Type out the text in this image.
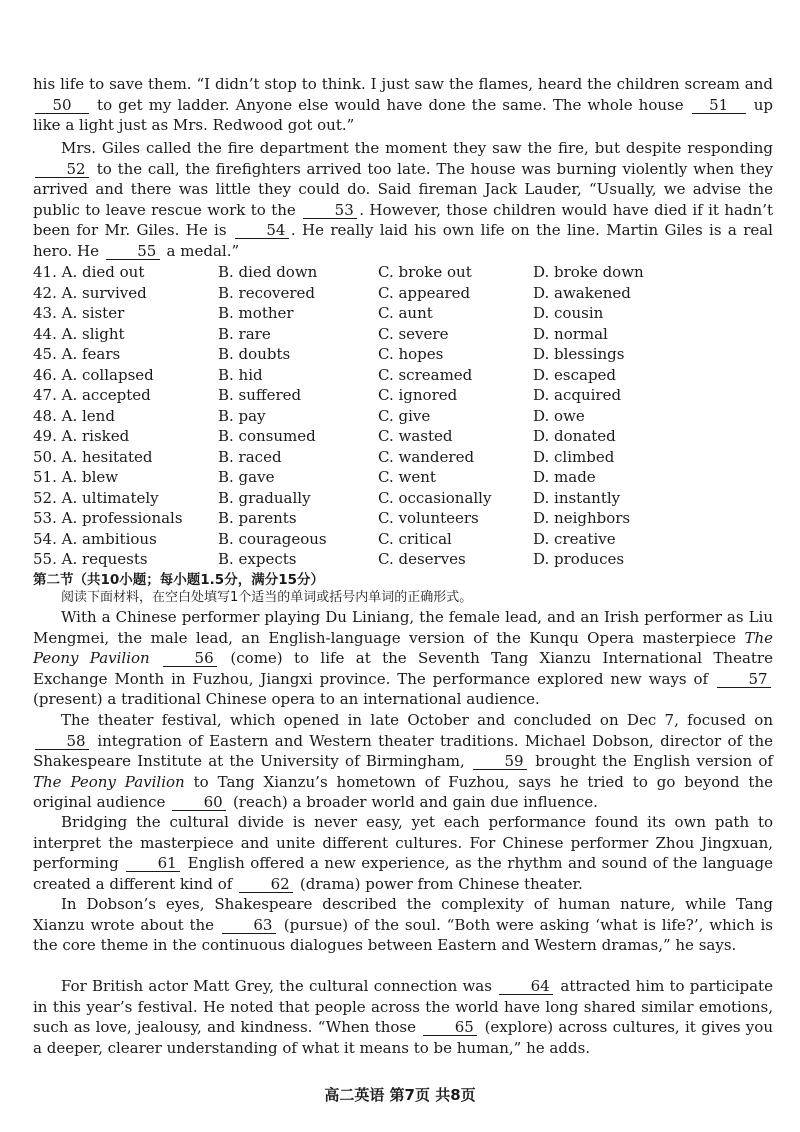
his life to save them. “I didn’t stop to think. I just saw the flames, heard the children scream and 50 to get my ladder. Anyone else would have done the same. The whole house 51 up like a light just as Mrs. Redwood got out.”

Mrs. Giles called the fire department the moment they saw the fire, but despite responding 52 to the call, the firefighters arrived too late. The house was burning violently when they arrived and there was little they could do. Said fireman Jack Lauder, “Usually, we advise the public to leave rescue work to the	53 . However, those children would have died if it hadn’t been for Mr. Giles. He is	54 . He really laid his own life on the line. Martin Giles is a real hero. He	55 a medal.”

41. A. died out	B. died down	C. broke out	D. broke down
42. A. survived	B. recovered	C. appeared	D. awakened
43. A. sister	B. mother	C. aunt	D. cousin
44. A. slight	B. rare	C. severe	D. normal
45. A. fears	B. doubts	C. hopes	D. blessings
46. A. collapsed	B. hid	C. screamed	D. escaped
47. A. accepted	B. suffered	C. ignored	D. acquired
48. A. lend	B. pay	C. give	D. owe
49. A. risked	B. consumed	C. wasted	D. donated
50. A. hesitated	B. raced	C. wandered	D. climbed
51. A. blew	B. gave	C. went	D. made
52. A. ultimately	B. gradually	C. occasionally	D. instantly
53. A. professionals B. parents	C. volunteers	D. neighbors
54. A. ambitious	B. courageous	C. critical	D. creative
55. A. requests	B. expects	C. deserves	D. produces

第二节（共10小题；每小题1.5分，满分15分）

阅读下面材料，在空白处填写1个适当的单词或括号内单词的正确形式。

With a Chinese performer playing Du Liniang, the female lead, and an Irish performer as Liu Mengmei, the male lead, an English-language version of the Kunqu Opera masterpiece The Peony Pavilion	56 (come) to life at the Seventh Tang Xianzu International Theatre Exchange Month in Fuzhou, Jiangxi province. The performance explored new ways of	57 (present) a traditional Chinese opera to an international audience.

The theater festival, which opened in late October and concluded on Dec 7, focused on 58 integration of Eastern and Western theater traditions. Michael Dobson, director of the Shakespeare Institute at the University of Birmingham,	59 brought the English version of The Peony Pavilion to Tang Xianzu’s hometown of Fuzhou, says he tried to go beyond the original audience	60 (reach) a broader world and gain due influence.

Bridging the cultural divide is never easy, yet each performance found its own path to interpret the masterpiece and unite different cultures. For Chinese performer Zhou Jingxuan, performing	61 English offered a new experience, as the rhythm and sound of the language created a different kind of	62 (drama) power from Chinese theater.

In Dobson’s eyes, Shakespeare described the complexity of human nature, while Tang Xianzu wrote about the	63 (pursue) of the soul. “Both were asking ‘what is life?’, which is the core theme in the continuous dialogues between Eastern and Western dramas,” he says.

For British actor Matt Grey, the cultural connection was	64 attracted him to participate in this year’s festival. He noted that people across the world have long shared similar emotions, such as love, jealousy, and kindness. “When those	65 (explore) across cultures, it gives you a deeper, clearer understanding of what it means to be human,” he adds.

高二英语 第7页 共8页
